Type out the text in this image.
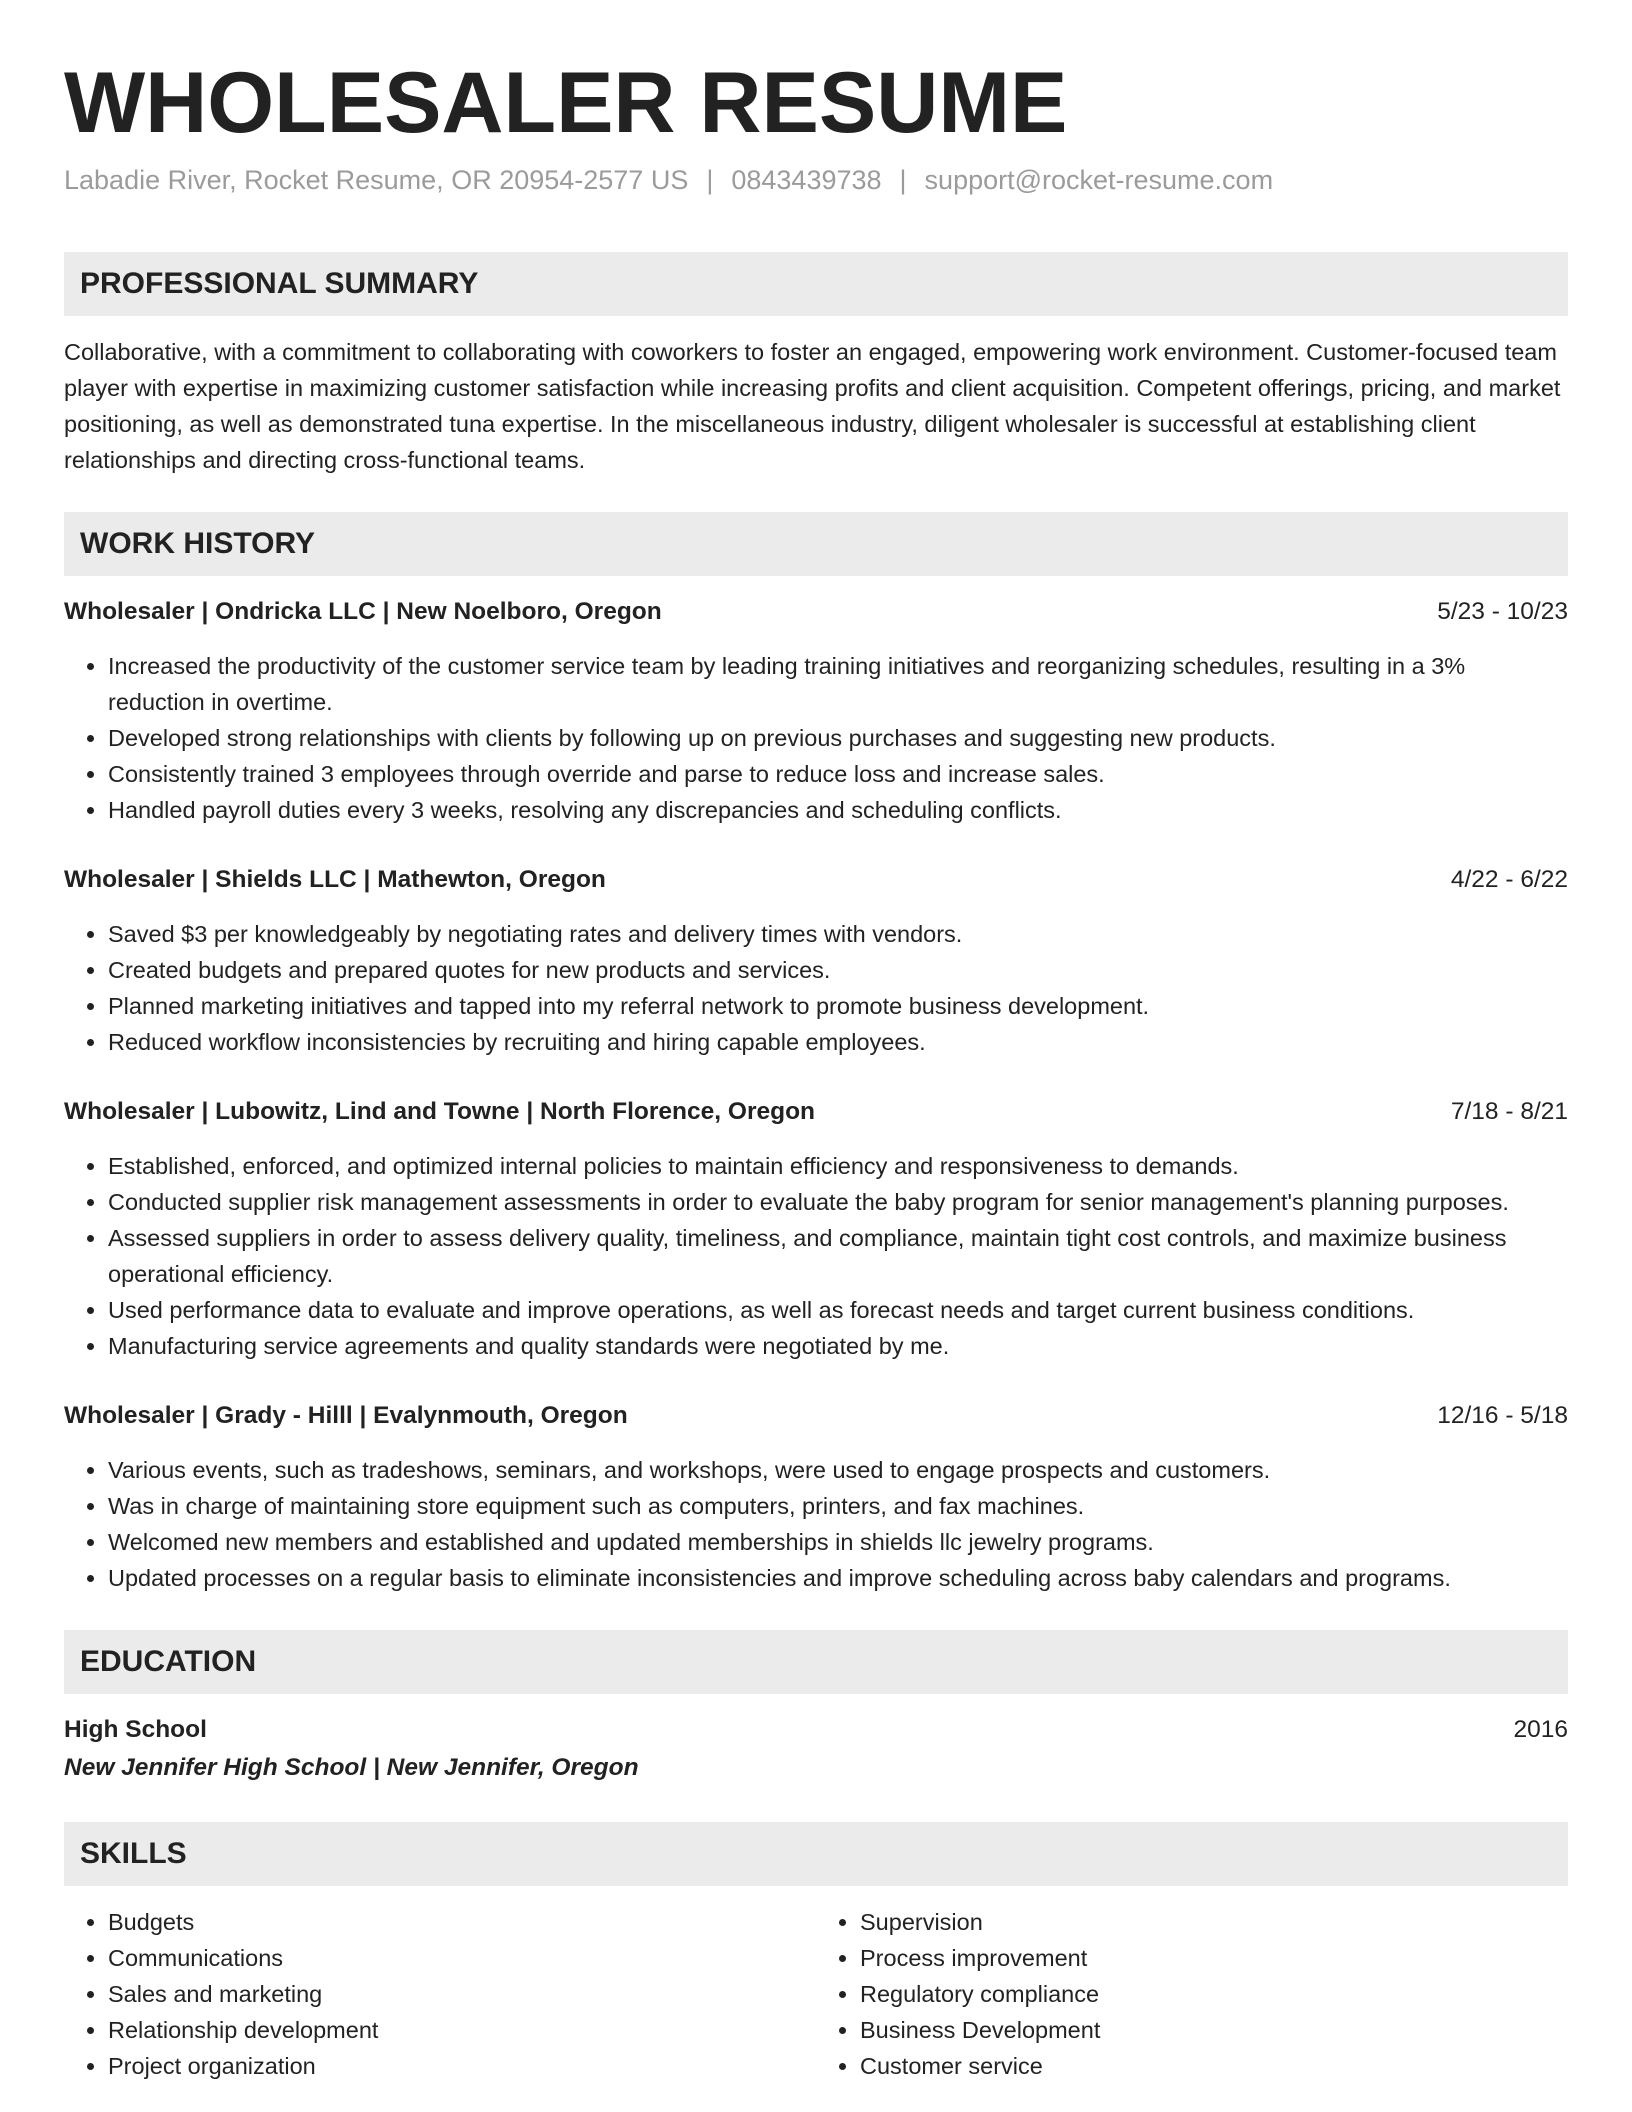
WHOLESALER RESUME
Labadie River, Rocket Resume, OR 20954-2577 US | 0843439738 | support@rocket-resume.com
PROFESSIONAL SUMMARY
Collaborative, with a commitment to collaborating with coworkers to foster an engaged, empowering work environment. Customer-focused team player with expertise in maximizing customer satisfaction while increasing profits and client acquisition. Competent offerings, pricing, and market positioning, as well as demonstrated tuna expertise. In the miscellaneous industry, diligent wholesaler is successful at establishing client relationships and directing cross-functional teams.
WORK HISTORY
Wholesaler | Ondricka LLC | New Noelboro, Oregon	5/23 - 10/23
• Increased the productivity of the customer service team by leading training initiatives and reorganizing schedules, resulting in a 3% reduction in overtime.
• Developed strong relationships with clients by following up on previous purchases and suggesting new products.
• Consistently trained 3 employees through override and parse to reduce loss and increase sales.
• Handled payroll duties every 3 weeks, resolving any discrepancies and scheduling conflicts.
Wholesaler | Shields LLC | Mathewton, Oregon	4/22 - 6/22
• Saved $3 per knowledgeably by negotiating rates and delivery times with vendors.
• Created budgets and prepared quotes for new products and services.
• Planned marketing initiatives and tapped into my referral network to promote business development.
• Reduced workflow inconsistencies by recruiting and hiring capable employees.
Wholesaler | Lubowitz, Lind and Towne | North Florence, Oregon	7/18 - 8/21
• Established, enforced, and optimized internal policies to maintain efficiency and responsiveness to demands.
• Conducted supplier risk management assessments in order to evaluate the baby program for senior management's planning purposes.
• Assessed suppliers in order to assess delivery quality, timeliness, and compliance, maintain tight cost controls, and maximize business operational efficiency.
• Used performance data to evaluate and improve operations, as well as forecast needs and target current business conditions.
• Manufacturing service agreements and quality standards were negotiated by me.
Wholesaler | Grady - Hilll | Evalynmouth, Oregon	12/16 - 5/18
• Various events, such as tradeshows, seminars, and workshops, were used to engage prospects and customers.
• Was in charge of maintaining store equipment such as computers, printers, and fax machines.
• Welcomed new members and established and updated memberships in shields llc jewelry programs.
• Updated processes on a regular basis to eliminate inconsistencies and improve scheduling across baby calendars and programs.
EDUCATION
High School	2016
New Jennifer High School | New Jennifer, Oregon
SKILLS
• Budgets
• Communications
• Sales and marketing
• Relationship development
• Project organization
• Supervision
• Process improvement
• Regulatory compliance
• Business Development
• Customer service
